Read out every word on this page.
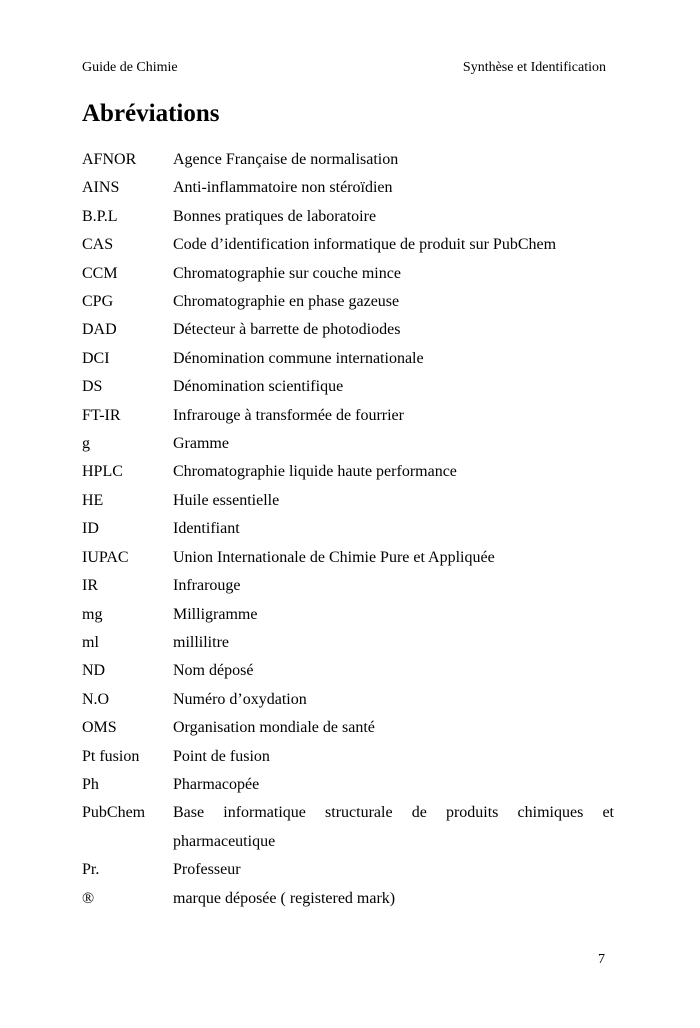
Guide de Chimie	Synthèse et Identification
Abréviations
AFNOR	Agence Française de normalisation
AINS	Anti-inflammatoire non stéroïdien
B.P.L	Bonnes pratiques de laboratoire
CAS	Code d’identification informatique de produit sur PubChem
CCM	Chromatographie sur couche mince
CPG	Chromatographie en phase gazeuse
DAD	Détecteur à barrette de photodiodes
DCI	Dénomination commune internationale
DS	Dénomination scientifique
FT-IR	Infrarouge à transformée de fourrier
g	Gramme
HPLC	Chromatographie liquide haute performance
HE	Huile essentielle
ID	Identifiant
IUPAC	Union Internationale de Chimie Pure et Appliquée
IR	Infrarouge
mg	Milligramme
ml	millilitre
ND	Nom déposé
N.O	Numéro d’oxydation
OMS	Organisation mondiale de santé
Pt fusion	Point de fusion
Ph	Pharmacopée
PubChem	Base informatique structurale de produits chimiques et pharmaceutique
Pr.	Professeur
®	marque déposée ( registered mark)
7
